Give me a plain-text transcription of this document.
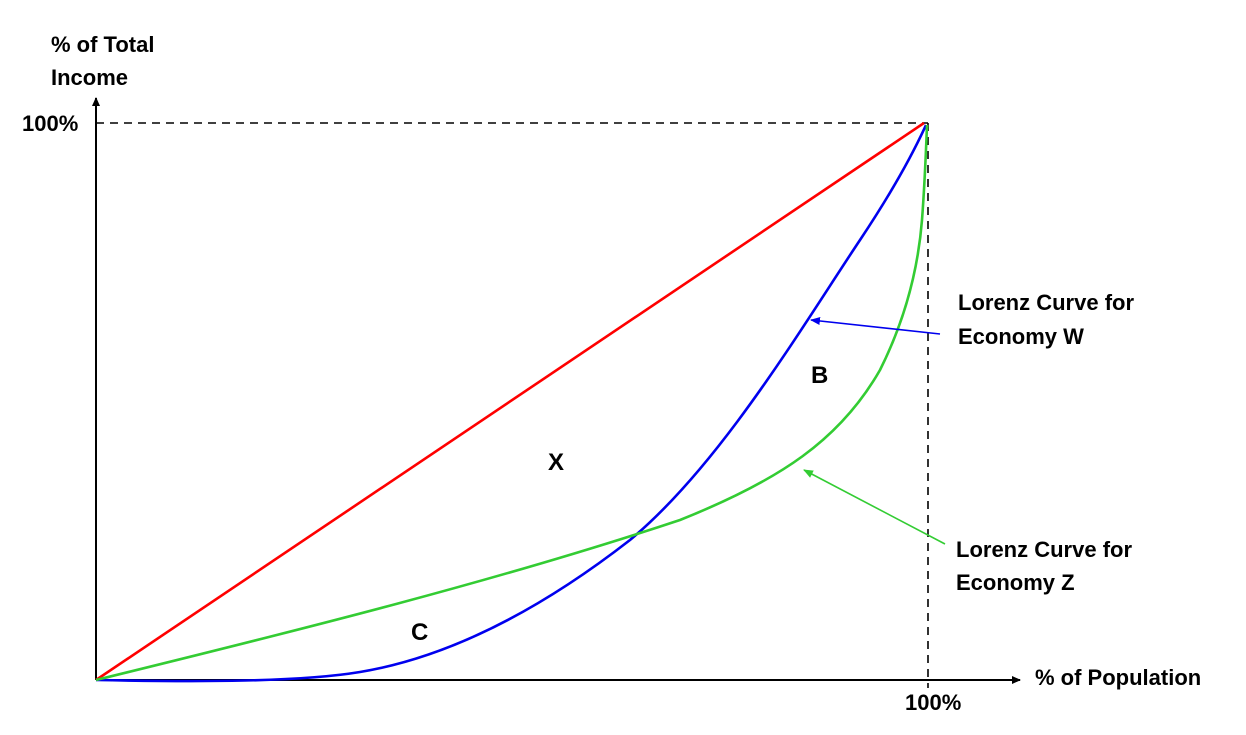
% of Total
Income
% of Population
100%
100%
X
B
C
Lorenz Curve for
Economy W
Lorenz Curve for
Economy Z
